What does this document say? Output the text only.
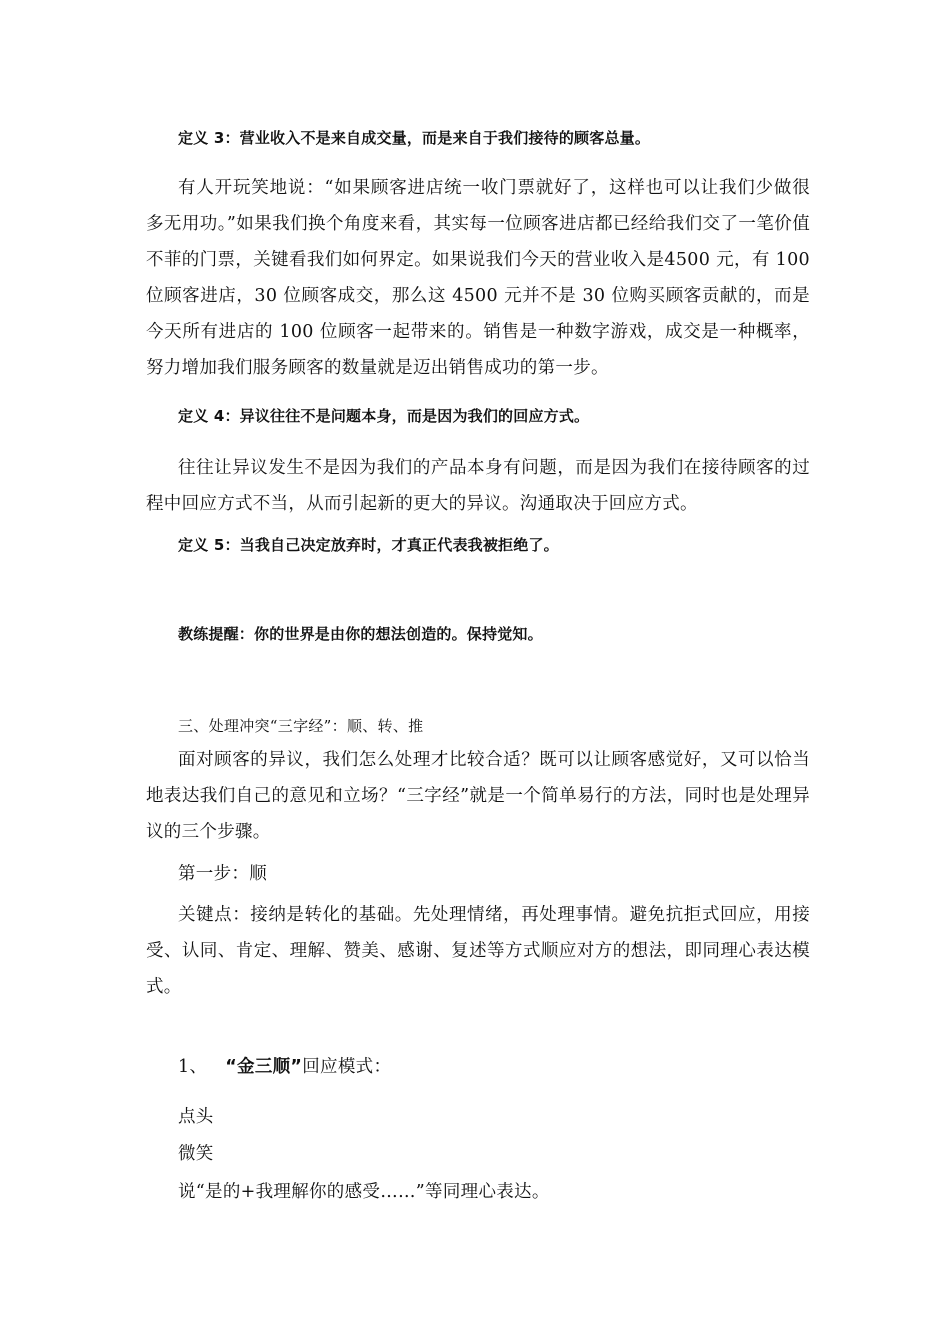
定义 3：营业收入不是来自成交量，而是来自于我们接待的顾客总量。

有人开玩笑地说：“如果顾客进店统一收门票就好了，这样也可以让我们少做很多无用功。”如果我们换个角度来看，其实每一位顾客进店都已经给我们交了一笔价值不菲的门票，关键看我们如何界定。如果说我们今天的营业收入是4500 元，有 100 位顾客进店，30 位顾客成交，那么这 4500 元并不是 30 位购买顾客贡献的，而是今天所有进店的 100 位顾客一起带来的。销售是一种数字游戏，成交是一种概率，努力增加我们服务顾客的数量就是迈出销售成功的第一步。

定义 4：异议往往不是问题本身，而是因为我们的回应方式。

往往让异议发生不是因为我们的产品本身有问题，而是因为我们在接待顾客的过程中回应方式不当，从而引起新的更大的异议。沟通取决于回应方式。

定义 5：当我自己决定放弃时，才真正代表我被拒绝了。

教练提醒：你的世界是由你的想法创造的。保持觉知。

三、处理冲突“三字经”：顺、转、推

面对顾客的异议，我们怎么处理才比较合适？既可以让顾客感觉好，又可以恰当地表达我们自己的意见和立场？“三字经”就是一个简单易行的方法，同时也是处理异议的三个步骤。

第一步：顺

关键点：接纳是转化的基础。先处理情绪，再处理事情。避免抗拒式回应，用接受、认同、肯定、理解、赞美、感谢、复述等方式顺应对方的想法，即同理心表达模式。

1、 “金三顺”回应模式：

点头

微笑

说“是的+我理解你的感受……”等同理心表达。
